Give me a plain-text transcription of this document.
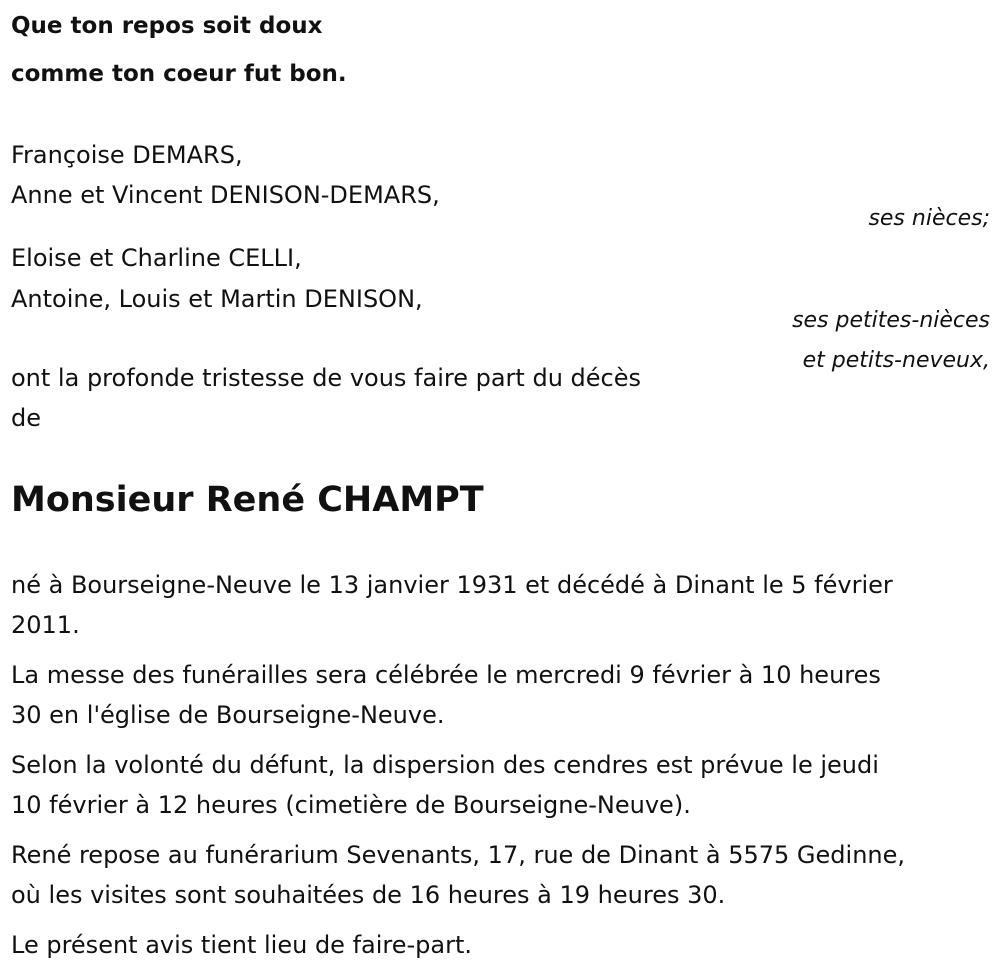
Que ton repos soit doux
comme ton coeur fut bon.
Françoise DEMARS,
Anne et Vincent DENISON-DEMARS,
ses nièces;
Eloise et Charline CELLI,
Antoine, Louis et Martin DENISON,
ses petites-nièces
et petits-neveux,
ont la profonde tristesse de vous faire part du décès
de
Monsieur René CHAMPT
né à Bourseigne-Neuve le 13 janvier 1931 et décédé à Dinant le 5 février
2011.
La messe des funérailles sera célébrée le mercredi 9 février à 10 heures
30 en l'église de Bourseigne-Neuve.
Selon la volonté du défunt, la dispersion des cendres est prévue le jeudi
10 février à 12 heures (cimetière de Bourseigne-Neuve).
René repose au funérarium Sevenants, 17, rue de Dinant à 5575 Gedinne,
où les visites sont souhaitées de 16 heures à 19 heures 30.
Le présent avis tient lieu de faire-part.
